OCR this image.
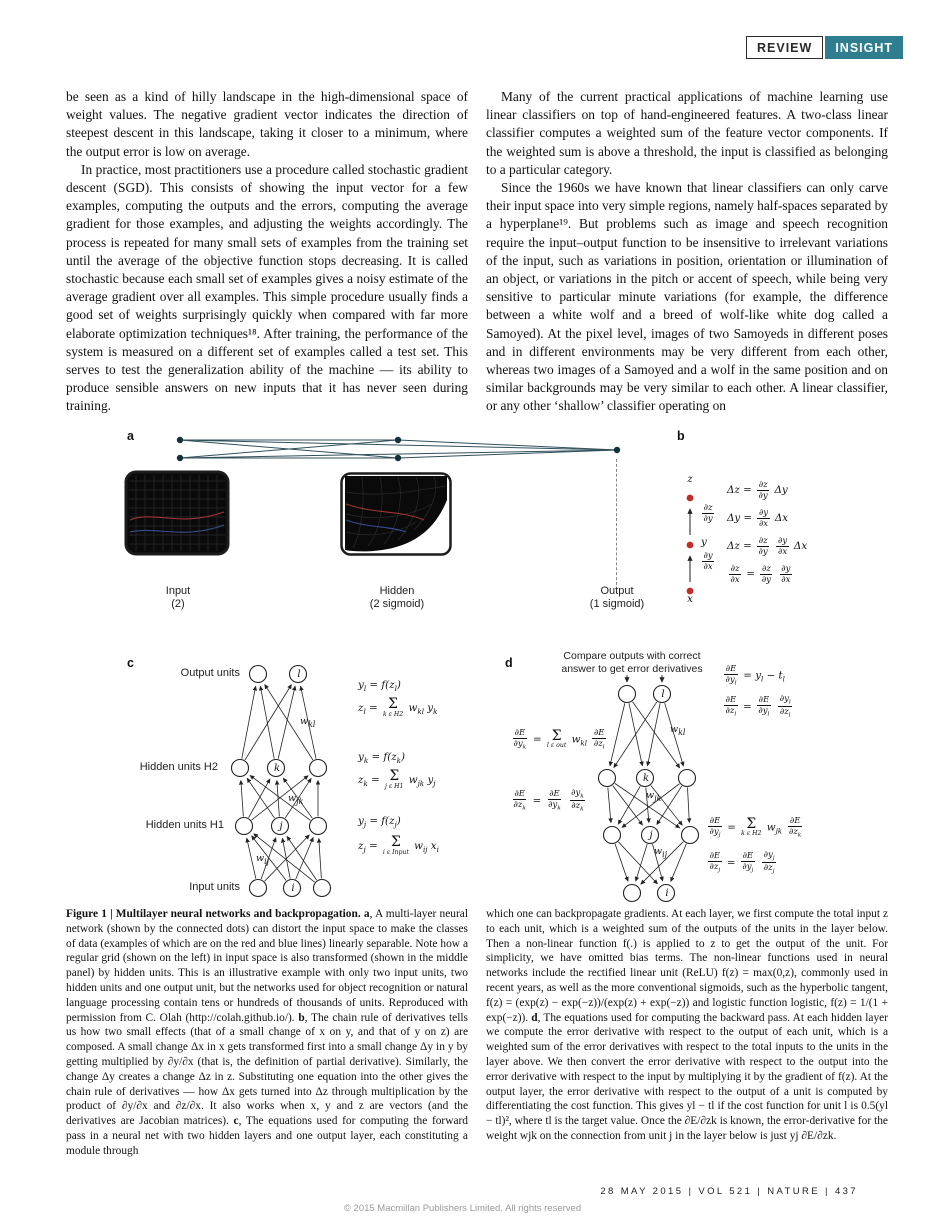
REVIEW	INSIGHT

be seen as a kind of hilly landscape in the high-dimensional space of weight values. The negative gradient vector indicates the direction of steepest descent in this landscape, taking it closer to a minimum, where the output error is low on average.

In practice, most practitioners use a procedure called stochastic gradient descent (SGD). This consists of showing the input vector for a few examples, computing the outputs and the errors, computing the average gradient for those examples, and adjusting the weights accordingly. The process is repeated for many small sets of examples from the training set until the average of the objective function stops decreasing. It is called stochastic because each small set of examples gives a noisy estimate of the average gradient over all examples. This simple procedure usually finds a good set of weights surprisingly quickly when compared with far more elaborate optimization techniques¹⁸. After training, the performance of the system is measured on a different set of examples called a test set. This serves to test the generalization ability of the machine — its ability to produce sensible answers on new inputs that it has never seen during training.

Many of the current practical applications of machine learning use linear classifiers on top of hand-engineered features. A two-class linear classifier computes a weighted sum of the feature vector components. If the weighted sum is above a threshold, the input is classified as belonging to a particular category.

Since the 1960s we have known that linear classifiers can only carve their input space into very simple regions, namely half-spaces separated by a hyperplane¹⁹. But problems such as image and speech recognition require the input–output function to be insensitive to irrelevant variations of the input, such as variations in position, orientation or illumination of an object, or variations in the pitch or accent of speech, while being very sensitive to particular minute variations (for example, the difference between a white wolf and a breed of wolf-like white dog called a Samoyed). At the pixel level, images of two Samoyeds in different poses and in different environments may be very different from each other, whereas two images of a Samoyed and a wolf in the same position and on similar backgrounds may be very similar to each other. A linear classifier, or any other ‘shallow’ classifier operating on

a
Input
(2)
Hidden
(2 sigmoid)
Output
(1 sigmoid)
b
z
$\frac{\partial z}{\partial y}$
y
$\frac{\partial y}{\partial x}$
x
$\Delta z = \frac{\partial z}{\partial y}$ Δy
$\Delta y = \frac{\partial y}{\partial x}$ Δx
$\Delta z = \frac{\partial z}{\partial y}$
$\frac{\partial y}{\partial x}$ Δx
$\frac{\partial z}{\partial x} = \frac{\partial z}{\partial y}$
$\frac{\partial y}{\partial x}$
c
Output units
Hidden units H2
Hidden units H1
Input units
l
k
j
i
$w_{kl}$
$w_{jk}$
$w_{ij}$
$y_l = f(z_l)$
$z_l = \Sigma$
k ε H2
$w_{kl}$ $y_k$
$y_k = f(z_k)$
$z_k = \Sigma$
j ε H1
$w_{jk}$ $y_j$
$y_j = f(z_j)$
$z_j = \Sigma$
i ε Input
$w_{ij}$ $x_i$
d	Compare outputs with correct answer to get error derivatives
l
k
j
i
$w_{kl}$
$w_{jk}$
$w_{ij}$
$\frac{\partial E}{\partial y_l} = y_l - t_l$
$\frac{\partial E}{\partial z_l} = \frac{\partial E}{\partial y_l}$
$\frac{\partial y_l}{\partial z_l}$
$\frac{\partial E}{\partial y_k} = \Sigma$
l ε out
$w_{kl} \frac{\partial E}{\partial z_l}$
$\frac{\partial E}{\partial z_k} = \frac{\partial E}{\partial y_k}$
$\frac{\partial y_k}{\partial z_k}$
$\frac{\partial E}{\partial y_j} = \Sigma$
k ε H2
$w_{jk} \frac{\partial E}{\partial z_k}$
$\frac{\partial E}{\partial z_j} = \frac{\partial E}{\partial y_j}$
$\frac{\partial y_j}{\partial z_j}$
Figure 1 | Multilayer neural networks and backpropagation. a, A multi-layer neural network (shown by the connected dots) can distort the input space to make the classes of data (examples of which are on the red and blue lines) linearly separable. Note how a regular grid (shown on the left) in input space is also transformed (shown in the middle panel) by hidden units. This is an illustrative example with only two input units, two hidden units and one output unit, but the networks used for object recognition or natural language processing contain tens or hundreds of thousands of units. Reproduced with permission from C. Olah (http://colah.github.io/). b, The chain rule of derivatives tells us how two small effects (that of a small change of x on y, and that of y on z) are composed. A small change Δx in x gets transformed first into a small change Δy in y by getting multiplied by ∂y/∂x (that is, the definition of partial derivative). Similarly, the change Δy creates a change Δz in z. Substituting one equation into the other gives the chain rule of derivatives — how Δx gets turned into Δz through multiplication by the product of ∂y/∂x and ∂z/∂x. It also works when x, y and z are vectors (and the derivatives are Jacobian matrices). c, The equations used for computing the forward pass in a neural net with two hidden layers and one output layer, each constituting a module through
which one can backpropagate gradients. At each layer, we first compute the total input z to each unit, which is a weighted sum of the outputs of the units in the layer below. Then a non-linear function f(.) is applied to z to get the output of the unit. For simplicity, we have omitted bias terms. The non-linear functions used in neural networks include the rectified linear unit (ReLU) f(z) = max(0,z), commonly used in recent years, as well as the more conventional sigmoids, such as the hyperbolic tangent, f(z) = (exp(z) − exp(−z))/(exp(z) + exp(−z)) and logistic function logistic, f(z) = 1/(1 + exp(−z)). d, The equations used for computing the backward pass. At each hidden layer we compute the error derivative with respect to the output of each unit, which is a weighted sum of the error derivatives with respect to the total inputs to the units in the layer above. We then convert the error derivative with respect to the output into the error derivative with respect to the input by multiplying it by the gradient of f(z). At the output layer, the error derivative with respect to the output of a unit is computed by differentiating the cost function. This gives yl − tl if the cost function for unit l is 0.5(yl − tl)², where tl is the target value. Once the ∂E/∂zk is known, the error-derivative for the weight wjk on the connection from unit j in the layer below is just yj ∂E/∂zk.
28 MAY 2015 | VOL 521 | NATURE | 437
© 2015 Macmillan Publishers Limited. All rights reserved
